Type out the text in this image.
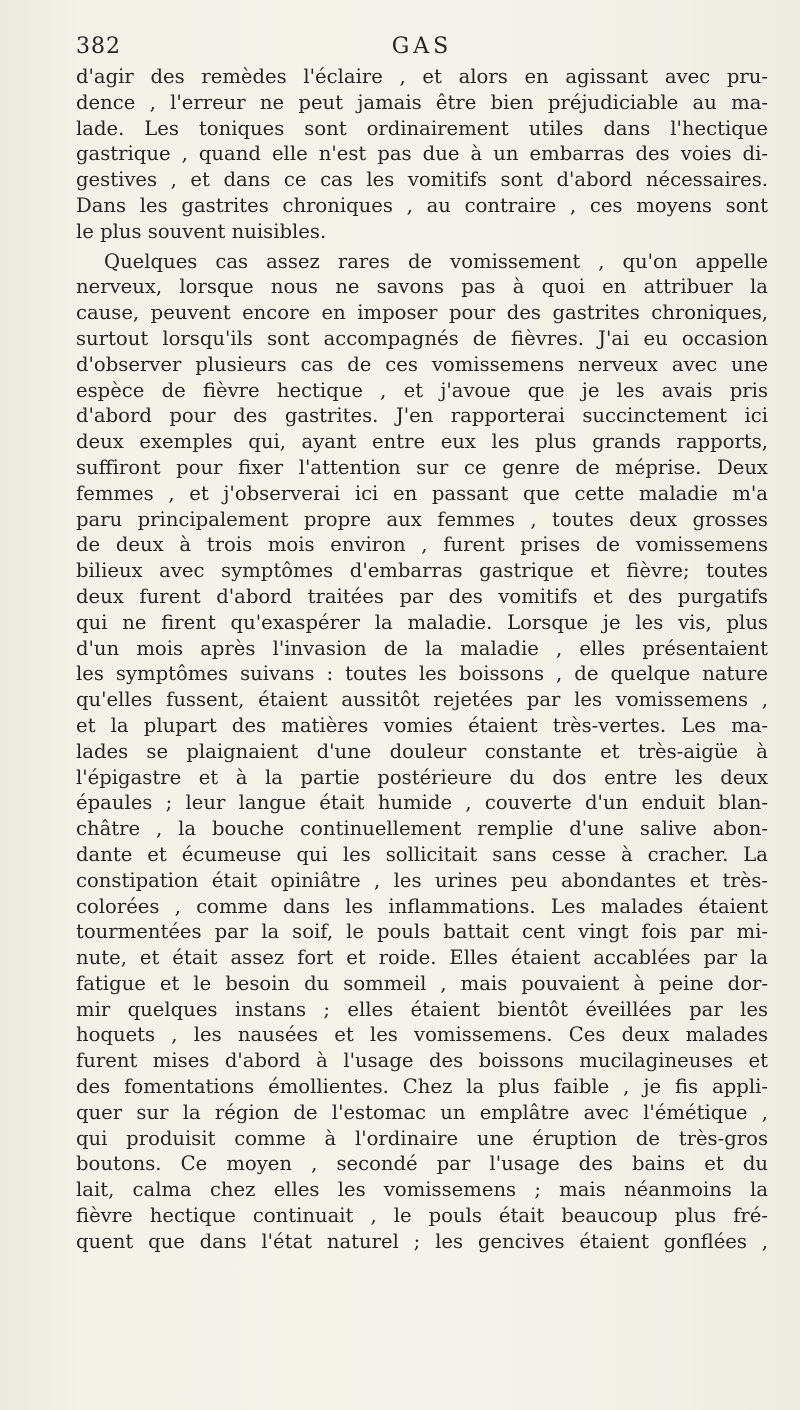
382	GAS
d'agir des remèdes l'éclaire , et alors en agissant avec pru-
dence , l'erreur ne peut jamais être bien préjudiciable au ma-
lade. Les toniques sont ordinairement utiles dans l'hectique
gastrique , quand elle n'est pas due à un embarras des voies di-
gestives , et dans ce cas les vomitifs sont d'abord nécessaires.
Dans les gastrites chroniques , au contraire , ces moyens sont
le plus souvent nuisibles.
Quelques cas assez rares de vomissement , qu'on appelle
nerveux, lorsque nous ne savons pas à quoi en attribuer la
cause, peuvent encore en imposer pour des gastrites chroniques,
surtout lorsqu'ils sont accompagnés de fièvres. J'ai eu occasion
d'observer plusieurs cas de ces vomissemens nerveux avec une
espèce de fièvre hectique , et j'avoue que je les avais pris
d'abord pour des gastrites. J'en rapporterai succinctement ici
deux exemples qui, ayant entre eux les plus grands rapports,
suffiront pour fixer l'attention sur ce genre de méprise. Deux
femmes , et j'observerai ici en passant que cette maladie m'a
paru principalement propre aux femmes , toutes deux grosses
de deux à trois mois environ , furent prises de vomissemens
bilieux avec symptômes d'embarras gastrique et fièvre; toutes
deux furent d'abord traitées par des vomitifs et des purgatifs
qui ne firent qu'exaspérer la maladie. Lorsque je les vis, plus
d'un mois après l'invasion de la maladie , elles présentaient
les symptômes suivans : toutes les boissons , de quelque nature
qu'elles fussent, étaient aussitôt rejetées par les vomissemens ,
et la plupart des matières vomies étaient très-vertes. Les ma-
lades se plaignaient d'une douleur constante et très-aigüe à
l'épigastre et à la partie postérieure du dos entre les deux
épaules ; leur langue était humide , couverte d'un enduit blan-
châtre , la bouche continuellement remplie d'une salive abon-
dante et écumeuse qui les sollicitait sans cesse à cracher. La
constipation était opiniâtre , les urines peu abondantes et très-
colorées , comme dans les inflammations. Les malades étaient
tourmentées par la soif, le pouls battait cent vingt fois par mi-
nute, et était assez fort et roide. Elles étaient accablées par la
fatigue et le besoin du sommeil , mais pouvaient à peine dor-
mir quelques instans ; elles étaient bientôt éveillées par les
hoquets , les nausées et les vomissemens. Ces deux malades
furent mises d'abord à l'usage des boissons mucilagineuses et
des fomentations émollientes. Chez la plus faible , je fis appli-
quer sur la région de l'estomac un emplâtre avec l'émétique ,
qui produisit comme à l'ordinaire une éruption de très-gros
boutons. Ce moyen , secondé par l'usage des bains et du
lait, calma chez elles les vomissemens ; mais néanmoins la
fièvre hectique continuait , le pouls était beaucoup plus fré-
quent que dans l'état naturel ; les gencives étaient gonflées ,
